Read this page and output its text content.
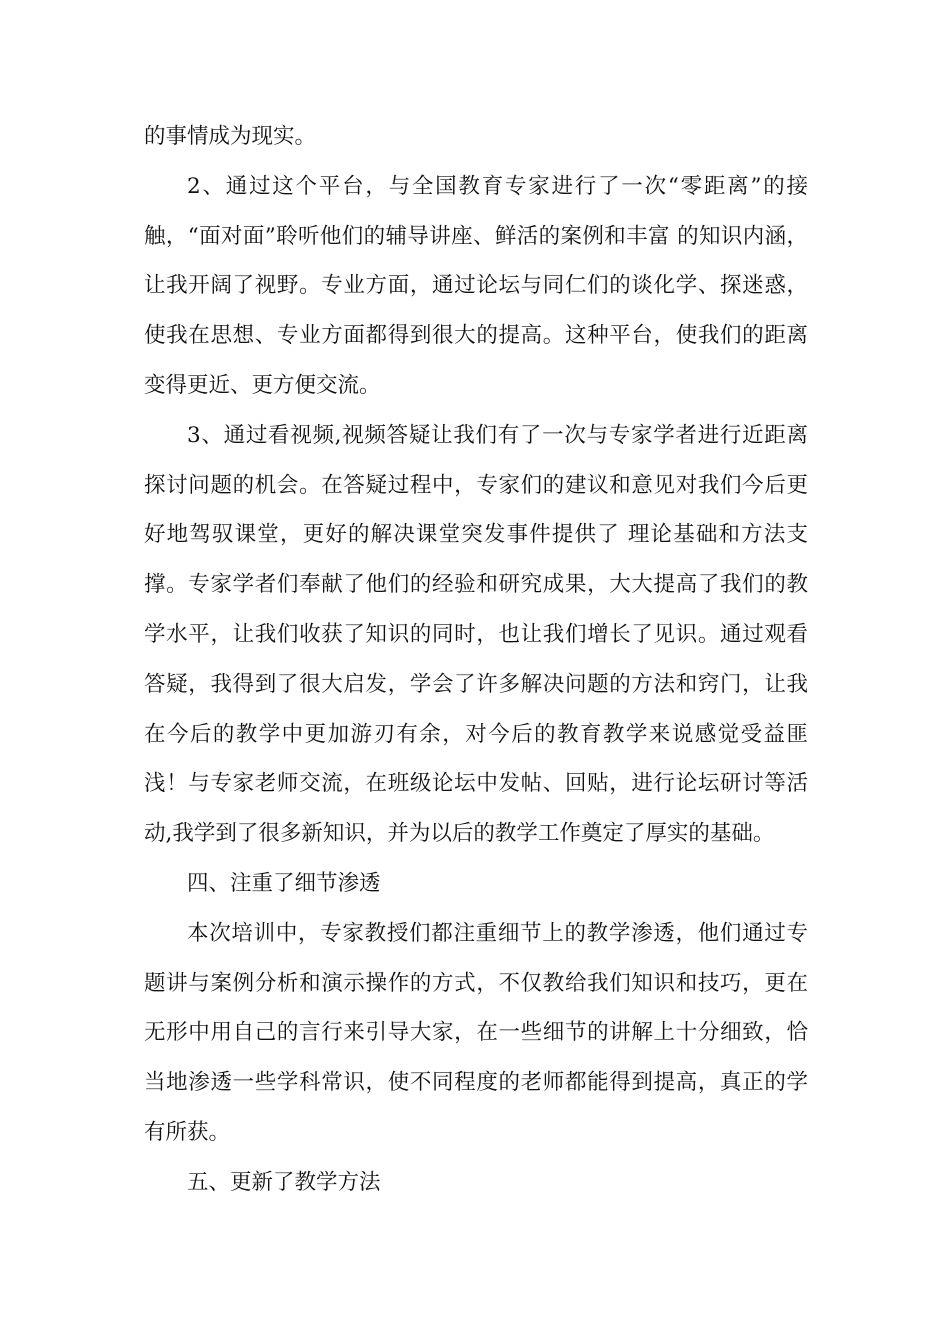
的事情成为现实。

2、通过这个平台，与全国教育专家进行了一次“零距离”的接触，“面对面”聆听他们的辅导讲座、鲜活的案例和丰富 的知识内涵，让我开阔了视野。专业方面，通过论坛与同仁们的谈化学、探迷惑，使我在思想、专业方面都得到很大的提高。这种平台，使我们的距离变得更近、更方便交流。

3、通过看视频,视频答疑让我们有了一次与专家学者进行近距离探讨问题的机会。在答疑过程中，专家们的建议和意见对我们今后更好地驾驭课堂，更好的解决课堂突发事件提供了 理论基础和方法支撑。专家学者们奉献了他们的经验和研究成果，大大提高了我们的教学水平，让我们收获了知识的同时，也让我们增长了见识。通过观看答疑，我得到了很大启发，学会了许多解决问题的方法和窍门，让我在今后的教学中更加游刃有余，对今后的教育教学来说感觉受益匪浅！与专家老师交流，在班级论坛中发帖、回贴，进行论坛研讨等活动,我学到了很多新知识，并为以后的教学工作奠定了厚实的基础。

四、注重了细节渗透

本次培训中，专家教授们都注重细节上的教学渗透，他们通过专题讲与案例分析和演示操作的方式，不仅教给我们知识和技巧，更在无形中用自己的言行来引导大家，在一些细节的讲解上十分细致，恰当地渗透一些学科常识，使不同程度的老师都能得到提高，真正的学有所获。

五、更新了教学方法
